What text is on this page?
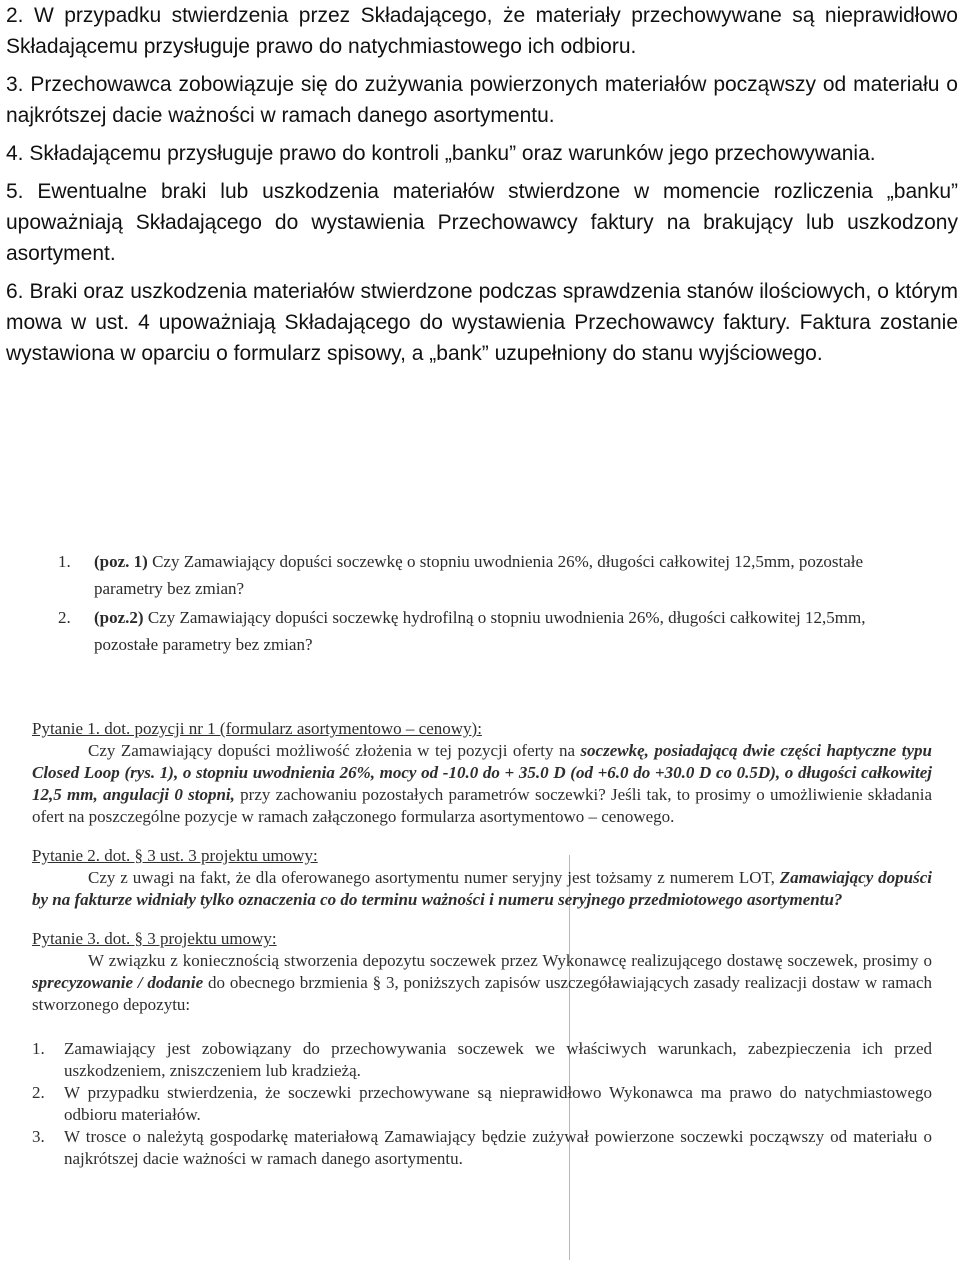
2. W przypadku stwierdzenia przez Składającego, że materiały przechowywane są nieprawidłowo Składającemu przysługuje prawo do natychmiastowego ich odbioru.

3. Przechowawca zobowiązuje się do zużywania powierzonych materiałów począwszy od materiału o najkrótszej dacie ważności w ramach danego asortymentu.

4. Składającemu przysługuje prawo do kontroli „banku” oraz warunków jego przechowywania.

5. Ewentualne braki lub uszkodzenia materiałów stwierdzone w momencie rozliczenia „banku” upoważniają Składającego do wystawienia Przechowawcy faktury na brakujący lub uszkodzony asortyment.

6. Braki oraz uszkodzenia materiałów stwierdzone podczas sprawdzenia stanów ilościowych, o którym mowa w ust. 4 upoważniają Składającego do wystawienia Przechowawcy faktury. Faktura zostanie wystawiona w oparciu o formularz spisowy, a „bank” uzupełniony do stanu wyjściowego.

1. (poz. 1) Czy Zamawiający dopuści soczewkę o stopniu uwodnienia 26%, długości całkowitej 12,5mm, pozostałe parametry bez zmian?
2. (poz.2) Czy Zamawiający dopuści soczewkę hydrofilną o stopniu uwodnienia 26%, długości całkowitej 12,5mm, pozostałe parametry bez zmian?

Pytanie 1. dot. pozycji nr 1 (formularz asortymentowo – cenowy):

Czy Zamawiający dopuści możliwość złożenia w tej pozycji oferty na soczewkę, posiadającą dwie części haptyczne typu Closed Loop (rys. 1), o stopniu uwodnienia 26%, mocy od -10.0 do + 35.0 D (od +6.0 do +30.0 D co 0.5D), o długości całkowitej 12,5 mm, angulacji 0 stopni, przy zachowaniu pozostałych parametrów soczewki? Jeśli tak, to prosimy o umożliwienie składania ofert na poszczególne pozycje w ramach załączonego formularza asortymentowo – cenowego.

Pytanie 2. dot. § 3 ust. 3 projektu umowy:

Czy z uwagi na fakt, że dla oferowanego asortymentu numer seryjny jest tożsamy z numerem LOT, Zamawiający dopuści by na fakturze widniały tylko oznaczenia co do terminu ważności i numeru seryjnego przedmiotowego asortymentu?

Pytanie 3. dot. § 3 projektu umowy:

W związku z koniecznością stworzenia depozytu soczewek przez Wykonawcę realizującego dostawę soczewek, prosimy o sprecyzowanie / dodanie do obecnego brzmienia § 3, poniższych zapisów uszczegóławiających zasady realizacji dostaw w ramach stworzonego depozytu:

1. Zamawiający jest zobowiązany do przechowywania soczewek we właściwych warunkach, zabezpieczenia ich przed uszkodzeniem, zniszczeniem lub kradzieżą.

2. W przypadku stwierdzenia, że soczewki przechowywane są nieprawidłowo Wykonawca ma prawo do natychmiastowego odbioru materiałów.

3. W trosce o należytą gospodarkę materiałową Zamawiający będzie zużywał powierzone soczewki począwszy od materiału o najkrótszej dacie ważności w ramach danego asortymentu.
